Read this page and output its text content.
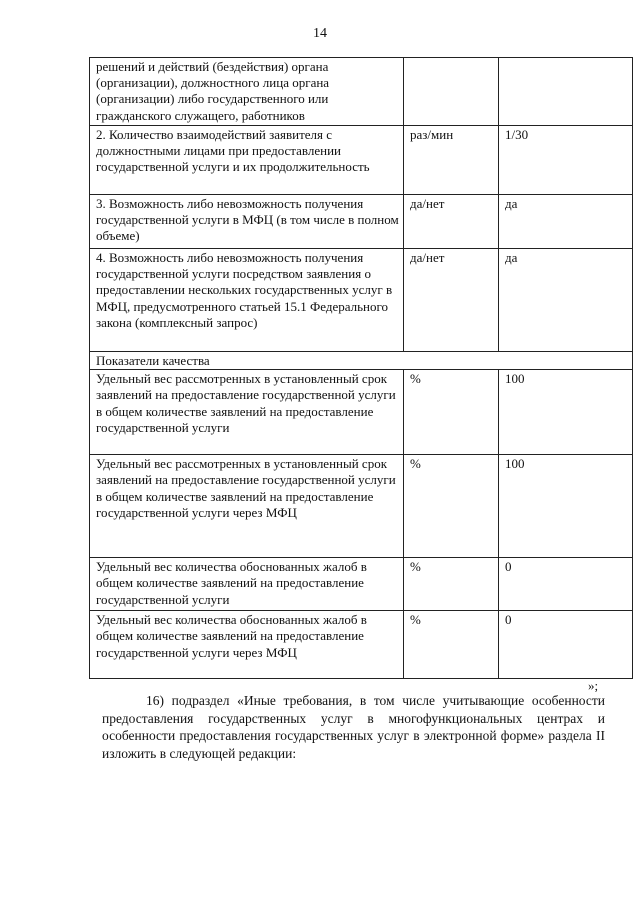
14
решений и действий (бездействия) органа (организации), должностного лица органа (организации) либо государственного или гражданского служащего, работников		
2. Количество взаимодействий заявителя с должностными лицами при предоставлении государственной услуги и их продолжительность	раз/мин	1/30
3. Возможность либо невозможность получения государственной услуги в МФЦ (в том числе в полном объеме)	да/нет	да
4. Возможность либо невозможность получения государственной услуги посредством заявления о предоставлении нескольких государственных услуг в МФЦ, предусмотренного статьей 15.1 Федерального закона (комплексный запрос)	да/нет	да
Показатели качества		
Удельный вес рассмотренных в установленный срок заявлений на предоставление государственной услуги в общем количестве заявлений на предоставление государственной услуги	%	100
Удельный вес рассмотренных в установленный срок заявлений на предоставление государственной услуги в общем количестве заявлений на предоставление государственной услуги через МФЦ	%	100
Удельный вес количества обоснованных жалоб в общем количестве заявлений на предоставление государственной услуги	%	0
Удельный вес количества обоснованных жалоб в общем количестве заявлений на предоставление государственной услуги через МФЦ	%	0
»;
16) подраздел «Иные требования, в том числе учитывающие особенности предоставления государственных услуг в многофункциональных центрах и особенности предоставления государственных услуг в электронной форме» раздела II изложить в следующей редакции:
